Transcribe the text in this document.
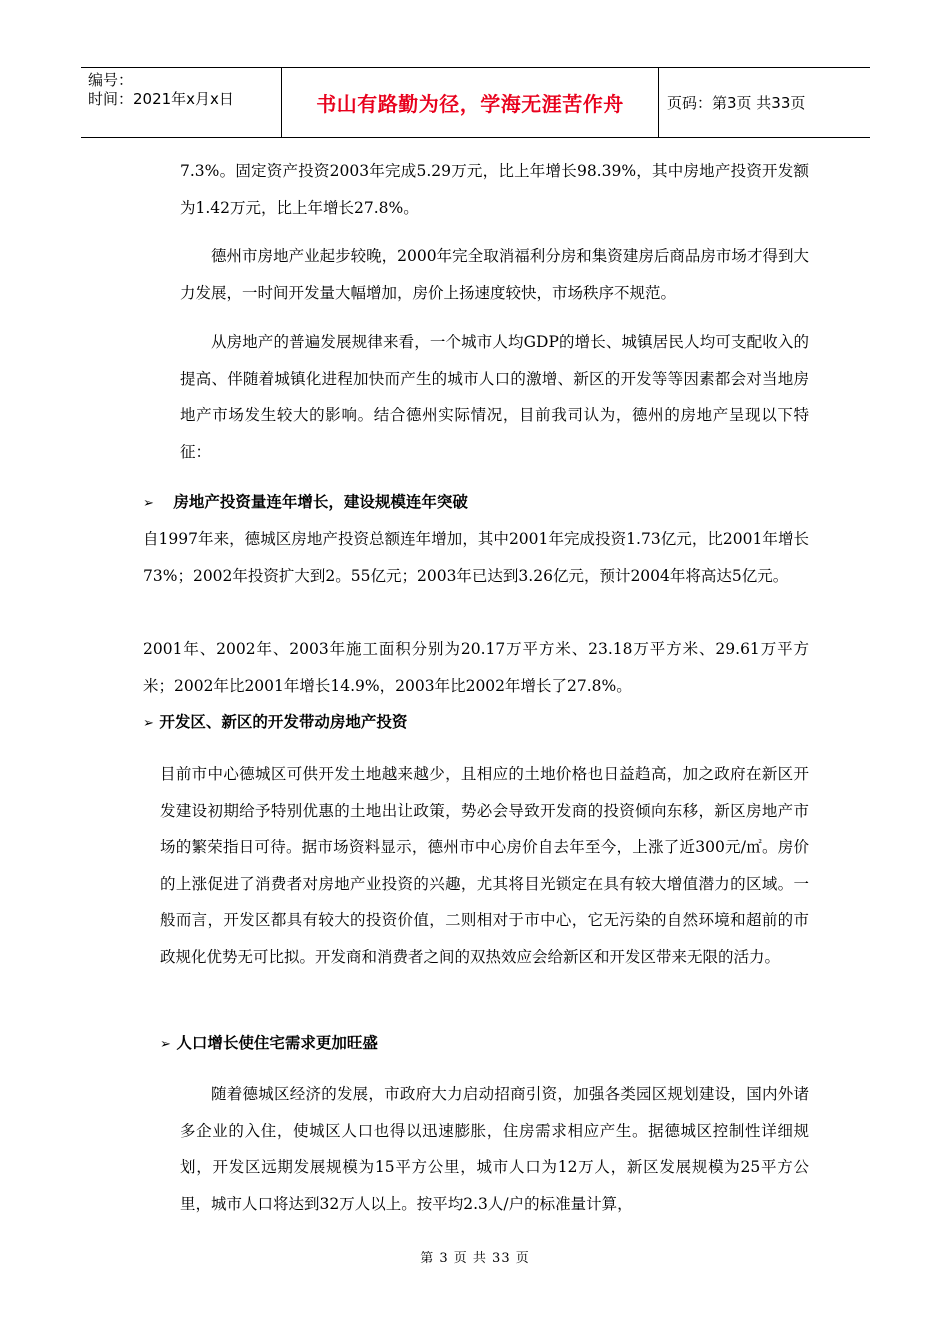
编号：
时间：2021年x月x日	书山有路勤为径，学海无涯苦作舟	页码：第3页 共33页

7.3%。固定资产投资2003年完成5.29万元，比上年增长98.39%，其中房地产投资开发额为1.42万元，比上年增长27.8%。

德州市房地产业起步较晚，2000年完全取消福利分房和集资建房后商品房市场才得到大力发展，一时间开发量大幅增加，房价上扬速度较快，市场秩序不规范。

从房地产的普遍发展规律来看，一个城市人均GDP的增长、城镇居民人均可支配收入的提高、伴随着城镇化进程加快而产生的城市人口的激增、新区的开发等等因素都会对当地房地产市场发生较大的影响。结合德州实际情况，目前我司认为，德州的房地产呈现以下特征：

➢ 房地产投资量连年增长，建设规模连年突破

自1997年来，德城区房地产投资总额连年增加，其中2001年完成投资1.73亿元，比2001年增长73%；2002年投资扩大到2。55亿元；2003年已达到3.26亿元，预计2004年将高达5亿元。

2001年、2002年、2003年施工面积分别为20.17万平方米、23.18万平方米、29.61万平方米；2002年比2001年增长14.9%，2003年比2002年增长了27.8%。

➢ 开发区、新区的开发带动房地产投资

目前市中心德城区可供开发土地越来越少，且相应的土地价格也日益趋高，加之政府在新区开发建设初期给予特别优惠的土地出让政策，势必会导致开发商的投资倾向东移，新区房地产市场的繁荣指日可待。据市场资料显示，德州市中心房价自去年至今，上涨了近300元/㎡。房价的上涨促进了消费者对房地产业投资的兴趣，尤其将目光锁定在具有较大增值潜力的区域。一般而言，开发区都具有较大的投资价值，二则相对于市中心，它无污染的自然环境和超前的市政规化优势无可比拟。开发商和消费者之间的双热效应会给新区和开发区带来无限的活力。

➢ 人口增长使住宅需求更加旺盛

随着德城区经济的发展，市政府大力启动招商引资，加强各类园区规划建设，国内外诸多企业的入住，使城区人口也得以迅速膨胀，住房需求相应产生。据德城区控制性详细规划，开发区远期发展规模为15平方公里，城市人口为12万人，新区发展规模为25平方公里，城市人口将达到32万人以上。按平均2.3人/户的标准量计算，

第 3 页 共 33 页
